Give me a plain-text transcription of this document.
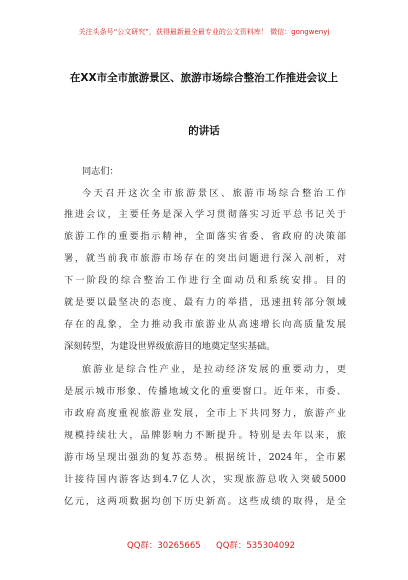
关注头条号“公文研究”，获得最新最全最专业的公文资料库！ 微信：gongwenyj
在XX市全市旅游景区、旅游市场综合整治工作推进会议上
的讲话
同志们：
今天召开这次全市旅游景区、旅游市场综合整治工作
推进会议，主要任务是深入学习贯彻落实习近平总书记关于
旅游工作的重要指示精神，全面落实省委、省政府的决策部
署，就当前我市旅游市场存在的突出问题进行深入剖析，对
下一阶段的综合整治工作进行全面动员和系统安排。目的
就是要以最坚决的态度、最有力的举措，迅速扭转部分领域
存在的乱象，全力推动我市旅游业从高速增长向高质量发展
深刻转型，为建设世界级旅游目的地奠定坚实基础。
旅游业是综合性产业，是拉动经济发展的重要动力，更
是展示城市形象、传播地域文化的重要窗口。近年来，市委、
市政府高度重视旅游业发展，全市上下共同努力，旅游产业
规模持续壮大，品牌影响力不断提升。特别是去年以来，旅
游市场呈现出强劲的复苏态势。根据统计，2024年，全市累
计接待国内游客达到4.7亿人次，实现旅游总收入突破5000
亿元，这两项数据均创下历史新高。这些成绩的取得，是全
QQ群：30265665 QQ群：535304092
